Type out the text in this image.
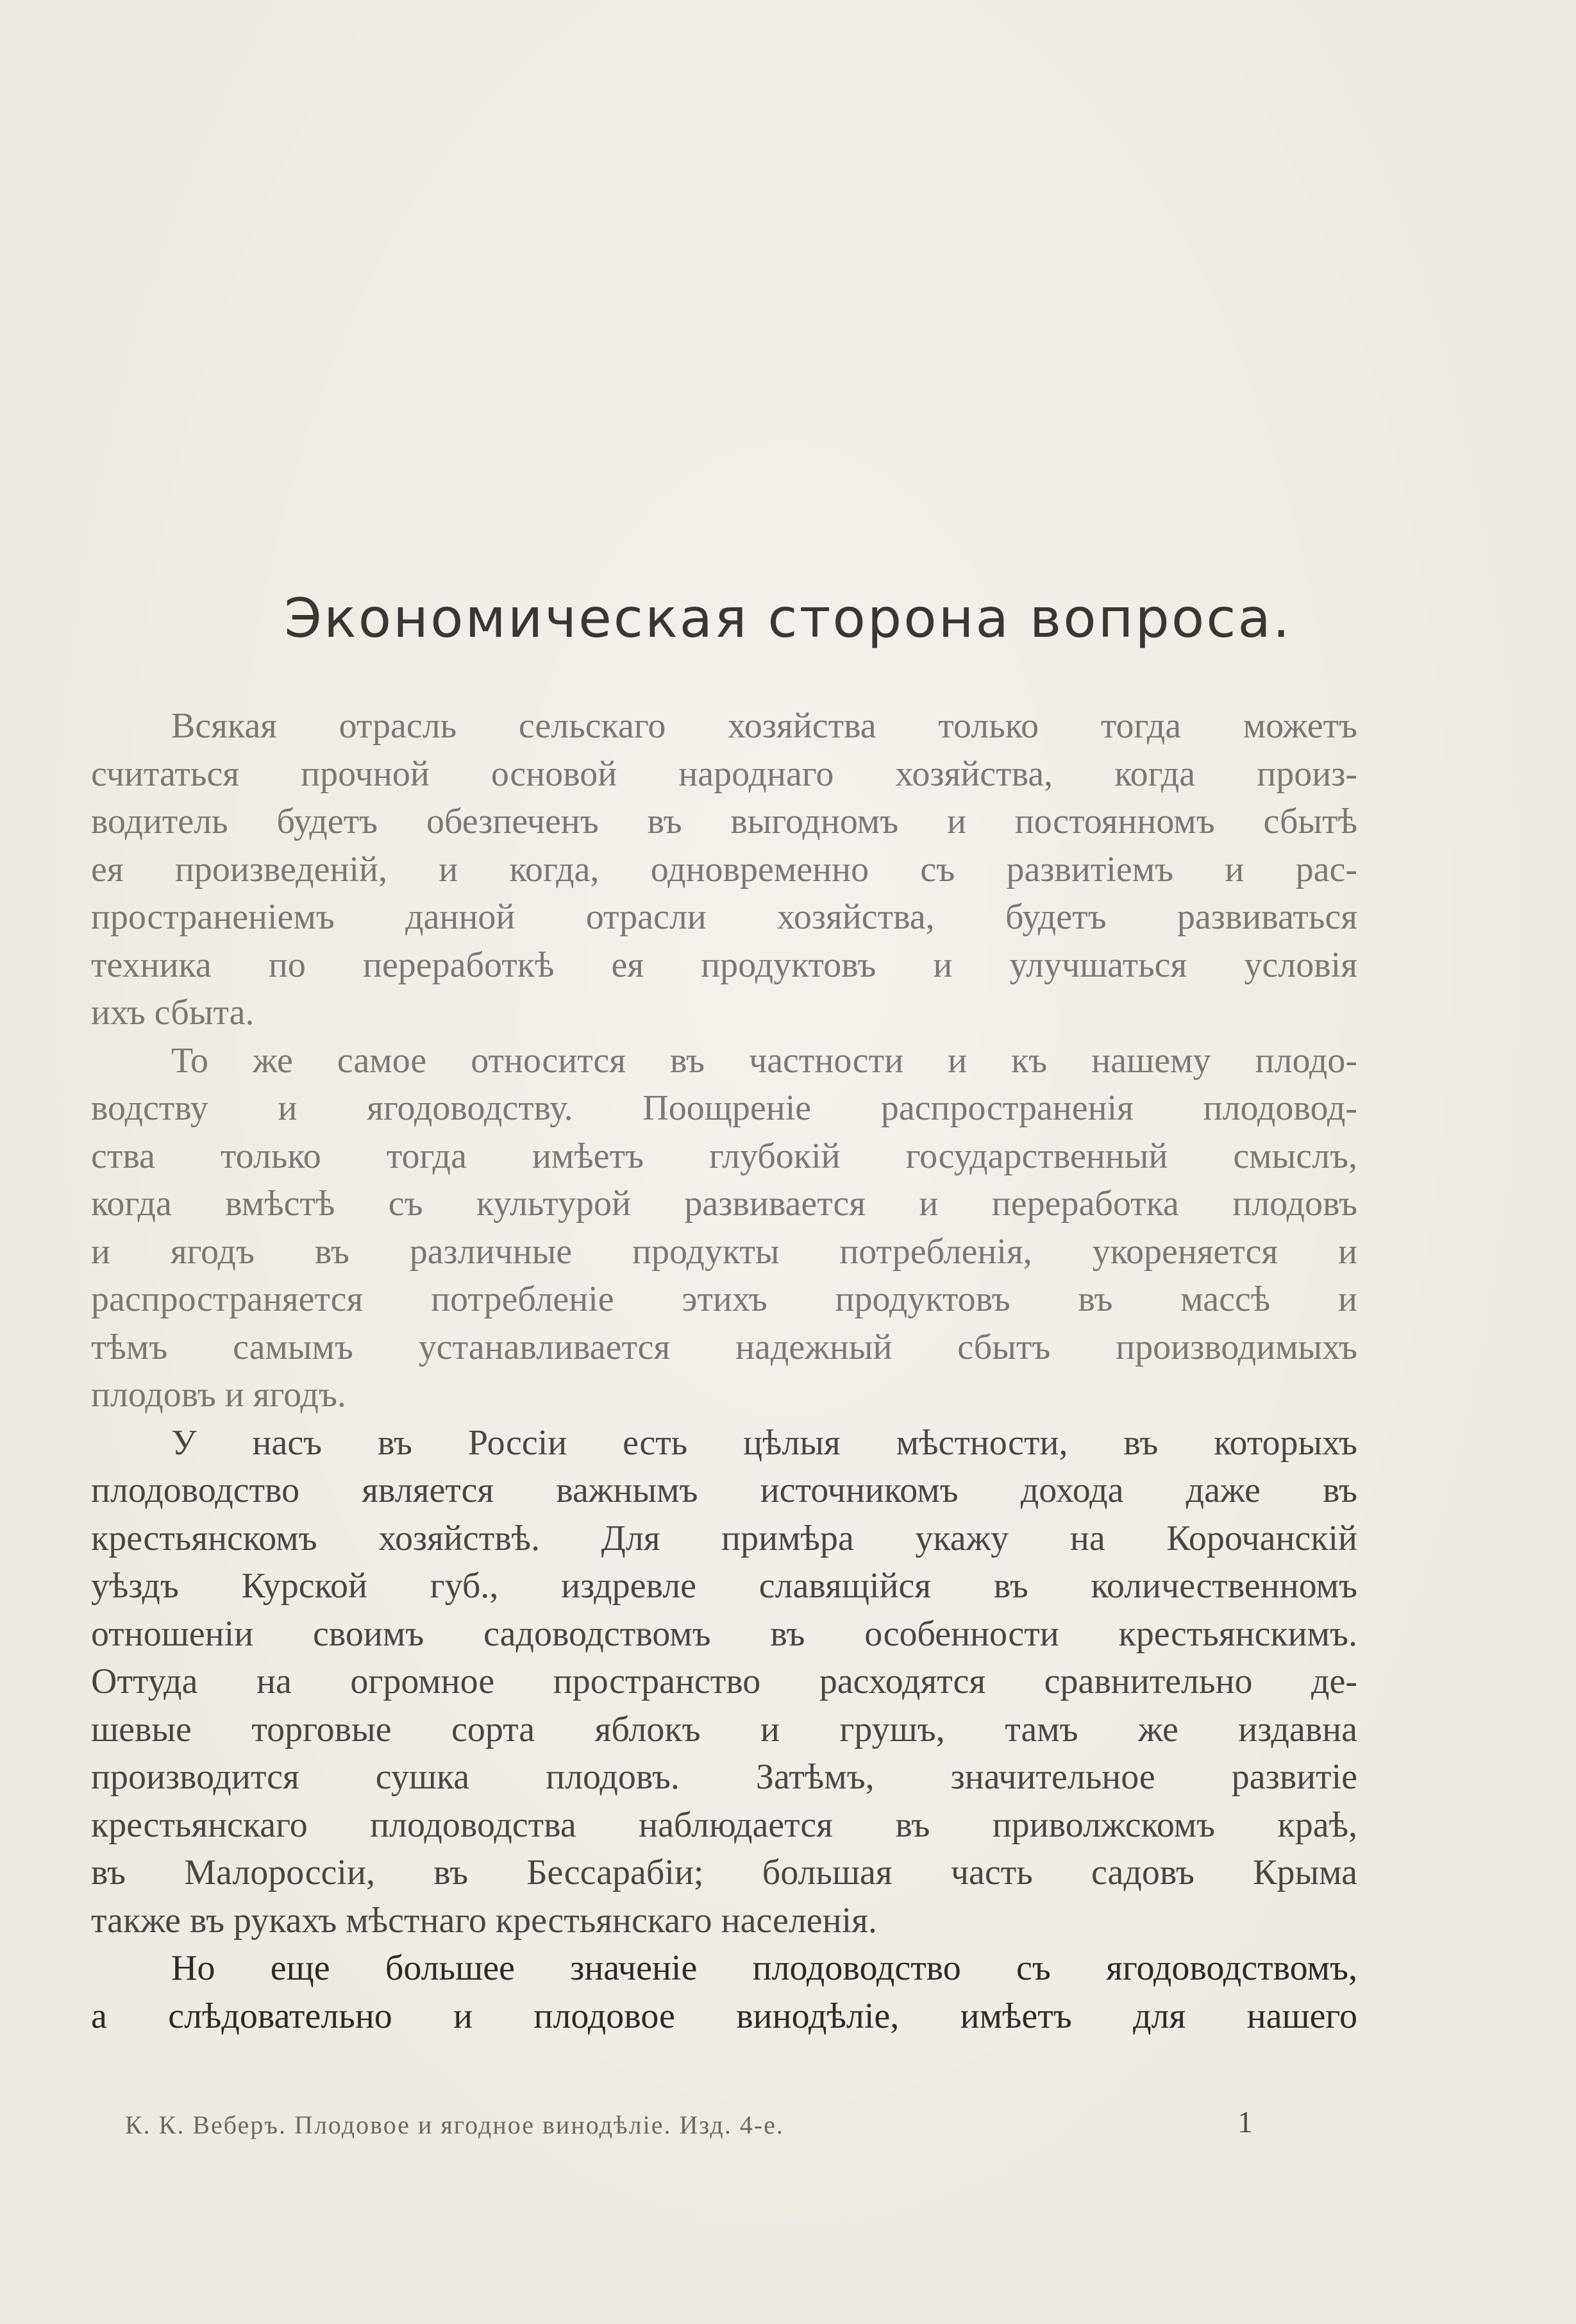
Экономическая сторона вопроса.
Всякая отрасль сельскаго хозяйства только тогда можетъ
считаться прочной основой народнаго хозяйства, когда произ-
водитель будетъ обезпеченъ въ выгодномъ и постоянномъ сбытѣ
ея произведеній, и когда, одновременно съ развитіемъ и рас-
пространеніемъ данной отрасли хозяйства, будетъ развиваться
техника по переработкѣ ея продуктовъ и улучшаться условія
ихъ сбыта.
То же самое относится въ частности и къ нашему плодо-
водству и ягодоводству. Поощреніе распространенія плодовод-
ства только тогда имѣетъ глубокій государственный смыслъ,
когда вмѣстѣ съ культурой развивается и переработка плодовъ
и ягодъ въ различные продукты потребленія, укореняется и
распространяется потребленіе этихъ продуктовъ въ массѣ и
тѣмъ самымъ устанавливается надежный сбытъ производимыхъ
плодовъ и ягодъ.
У насъ въ Россіи есть цѣлыя мѣстности, въ которыхъ
плодоводство является важнымъ источникомъ дохода даже въ
крестьянскомъ хозяйствѣ. Для примѣра укажу на Корочанскій
уѣздъ Курской губ., издревле славящійся въ количественномъ
отношеніи своимъ садоводствомъ въ особенности крестьянскимъ.
Оттуда на огромное пространство расходятся сравнительно де-
шевые торговые сорта яблокъ и грушъ, тамъ же издавна
производится сушка плодовъ. Затѣмъ, значительное развитіе
крестьянскаго плодоводства наблюдается въ приволжскомъ краѣ,
въ Малороссіи, въ Бессарабіи; большая часть садовъ Крыма
также въ рукахъ мѣстнаго крестьянскаго населенія.
Но еще большее значеніе плодоводство съ ягодоводствомъ,
а слѣдовательно и плодовое винодѣліе, имѣетъ для нашего
К. К. Веберъ. Плодовое и ягодное винодѣліе. Изд. 4-е.	1
